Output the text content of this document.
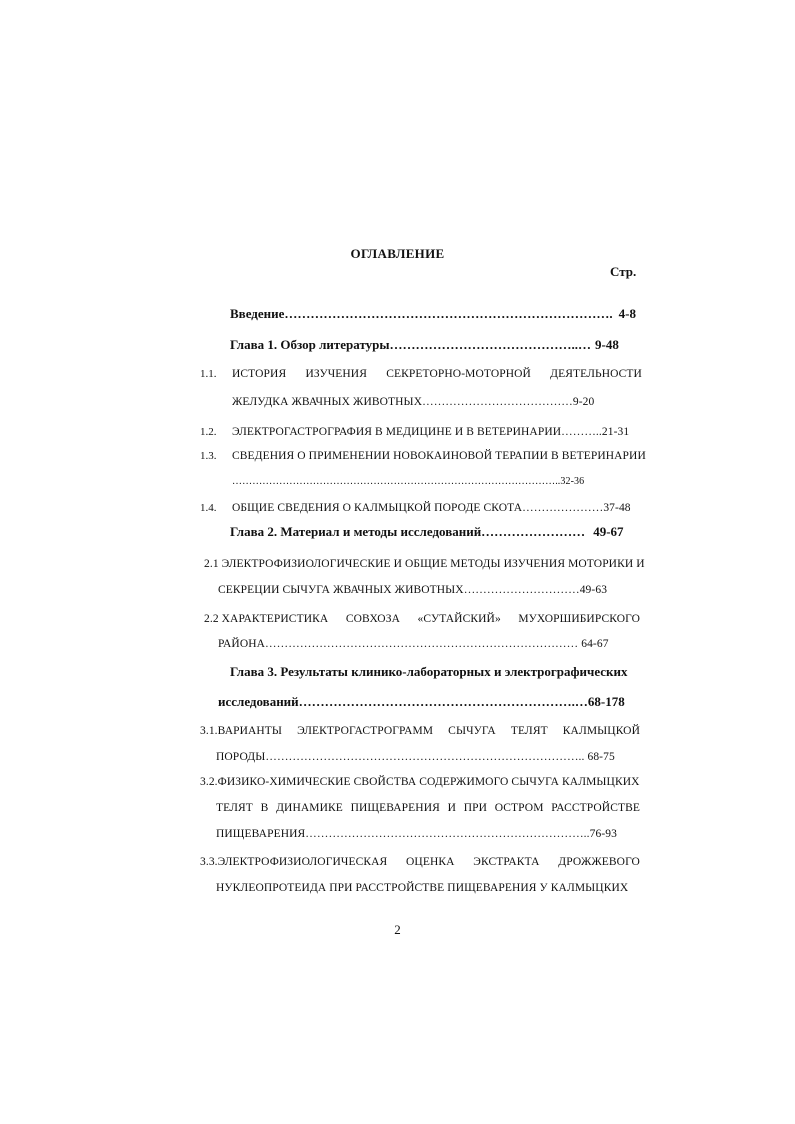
ОГЛАВЛЕНИЕ
Стр.
Введение…………………………………………………………………. 4-8
Глава 1. Обзор литературы……………………………………..… 9-48
1.1. ИСТОРИЯ ИЗУЧЕНИЯ СЕКРЕТОРНО-МОТОРНОЙ ДЕЯТЕЛЬНОСТИ
ЖЕЛУДКА ЖВАЧНЫХ ЖИВОТНЫХ…………………………………9-20
1.2. ЭЛЕКТРОГАСТРОГРАФИЯ В МЕДИЦИНЕ И В ВЕТЕРИНАРИИ………..21-31
1.3. СВЕДЕНИЯ О ПРИМЕНЕНИИ НОВОКАИНОВОЙ ТЕРАПИИ В ВЕТЕРИНАРИИ
……………………………………………………………………………………..32-36
1.4. ОБЩИЕ СВЕДЕНИЯ О КАЛМЫЦКОЙ ПОРОДЕ СКОТА…………………37-48
Глава 2. Материал и методы исследований…………………… 49-67
2.1 ЭЛЕКТРОФИЗИОЛОГИЧЕСКИЕ И ОБЩИЕ МЕТОДЫ ИЗУЧЕНИЯ МОТОРИКИ И
СЕКРЕЦИИ СЫЧУГА ЖВАЧНЫХ ЖИВОТНЫХ…………………………49-63
2.2 ХАРАКТЕРИСТИКА СОВХОЗА «СУТАЙСКИЙ» МУХОРШИБИРСКОГО
РАЙОНА……………………………………………………………………… 64-67
Глава 3. Результаты клинико-лабораторных и электрографических
исследований……………………………………………………….…68-178
3.1.ВАРИАНТЫ ЭЛЕКТРОГАСТРОГРАММ СЫЧУГА ТЕЛЯТ КАЛМЫЦКОЙ
ПОРОДЫ……………………………………………………………………….. 68-75
3.2.ФИЗИКО-ХИМИЧЕСКИЕ СВОЙСТВА СОДЕРЖИМОГО СЫЧУГА КАЛМЫЦКИХ
ТЕЛЯТ В ДИНАМИКЕ ПИЩЕВАРЕНИЯ И ПРИ ОСТРОМ РАССТРОЙСТВЕ
ПИЩЕВАРЕНИЯ………………………………………………………………..76-93
3.3.ЭЛЕКТРОФИЗИОЛОГИЧЕСКАЯ ОЦЕНКА ЭКСТРАКТА ДРОЖЖЕВОГО
НУКЛЕОПРОТЕИДА ПРИ РАССТРОЙСТВЕ ПИЩЕВАРЕНИЯ У КАЛМЫЦКИХ
2
